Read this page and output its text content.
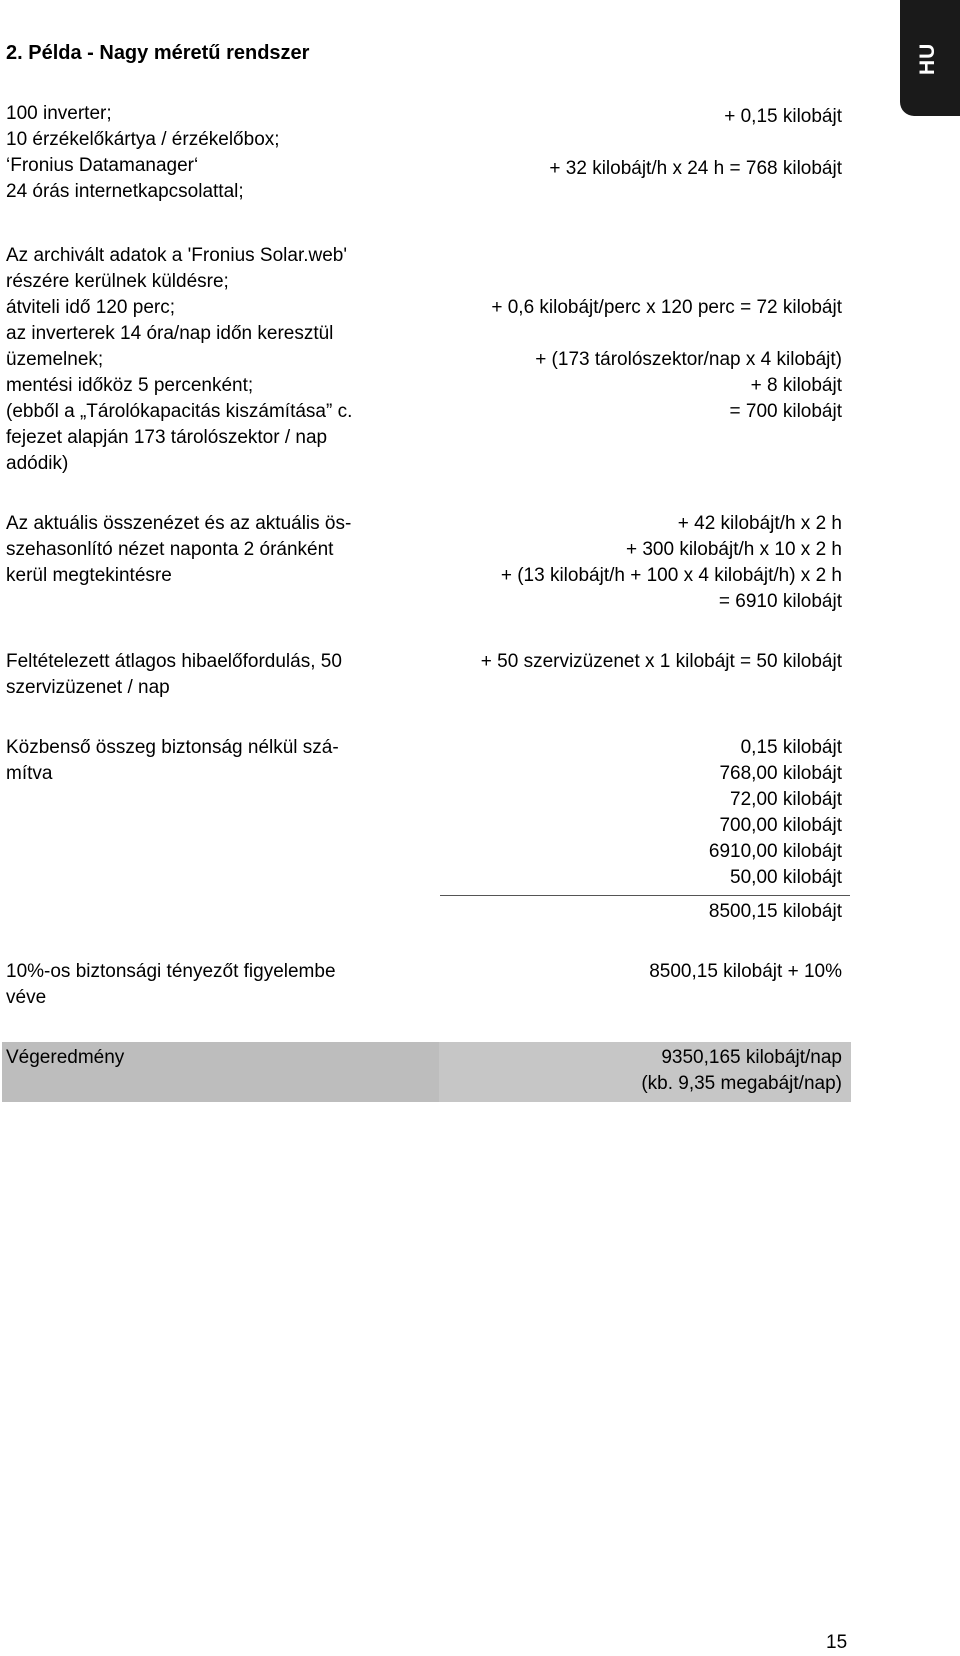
HU
2. Példa - Nagy méretű rendszer
100 inverter;
10 érzékelőkártya / érzékelőbox;
‘Fronius Datamanager‘
24 órás internetkapcsolattal;
+ 0,15 kilobájt
+ 32 kilobájt/h x 24 h = 768 kilobájt
Az archivált adatok a 'Fronius Solar.web'
részére kerülnek küldésre;
átviteli idő 120 perc;
az inverterek 14 óra/nap időn keresztül
üzemelnek;
mentési időköz 5 percenként;
(ebből a „Tárolókapacitás kiszámítása” c.
fejezet alapján 173 tárolószektor / nap
adódik)
+ 0,6 kilobájt/perc x 120 perc = 72 kilobájt
+ (173 tárolószektor/nap x 4 kilobájt)
+ 8 kilobájt
= 700 kilobájt
Az aktuális összenézet és az aktuális ös-
szehasonlító nézet naponta 2 óránként
kerül megtekintésre
+ 42 kilobájt/h x 2 h
+ 300 kilobájt/h x 10 x 2 h
+ (13 kilobájt/h + 100 x 4 kilobájt/h) x 2 h
= 6910 kilobájt
Feltételezett átlagos hibaelőfordulás, 50
szervizüzenet / nap
+ 50 szervizüzenet x 1 kilobájt = 50 kilobájt
Közbenső összeg biztonság nélkül szá-
mítva
0,15 kilobájt
768,00 kilobájt
72,00 kilobájt
700,00 kilobájt
6910,00 kilobájt
50,00 kilobájt
8500,15 kilobájt
10%-os biztonsági tényezőt figyelembe
véve
8500,15 kilobájt + 10%
Végeredmény	9350,165 kilobájt/nap
(kb. 9,35 megabájt/nap)
15
